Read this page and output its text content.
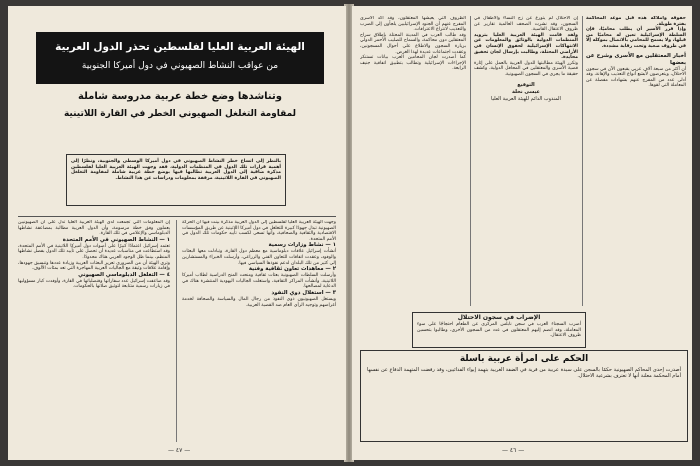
الهيئة العربية العليا لفلسطين تحذر الدول العربية
من عواقب النشاط الصهيوني في دول أميركا الجنوبية
وتناشدها وضع خطة عربية مدروسة شاملة
لمقاومة التغلغل الصهيوني الخطر في القارة اللاتينية
بالنظر إلى اتساع خطر النشاط الصهيوني في دول أميركا الوسطى والجنوبية، ونظرًا إلى أهمية قرارات تلك الدول في المنظمات الدولية، فقد وجهت الهيئة العربية العليا لفلسطين مذكرة ضافية إلى الدول العربية تطالبها فيها بوضع خطة عربية شاملة لمقاومة التغلغل الصهيوني في القارة اللاتينية، مرفقة بمعلومات ودراسات عن هذا النشاط.
وجهت الهيئة العربية العليا لفلسطين إلى الدول العربية مذكرة بينت فيها أن الحركة الصهيونية تبذل جهودًا كبيرة للتغلغل في دول أميركا اللاتينية عن طريق المؤسسات الاقتصادية والثقافية والصحافية، وأنها تسعى لكسب تأييد حكومات تلك الدول في الأمم المتحدة.
١ — نشاط وزارات رسمية
أنشأت إسرائيل علاقات دبلوماسية مع معظم دول القارة، وتبادلت معها البعثات والوفود، وعقدت اتفاقات للتعاون الفني والزراعي، وأرسلت الخبراء والمستشارين إلى كثير من تلك البلدان لدعم نفوذها السياسي فيها.
٢ — معاهدات تعاون ثقافية وفنية
وأرسلت السلطات الصهيونية بعثات ثقافية ومنحت المنح الدراسية لطلاب أميركا اللاتينية، وأنشأت المراكز الثقافية، واستغلت الجاليات اليهودية المنتشرة هناك في الدعاية لمصالحها.
٣ — استغلال ذوي النفوذ
ويستغل الصهيونيون ذوي النفوذ من رجال المال والسياسة والصحافة لخدمة أغراضهم وتوجيه الرأي العام ضد القضية العربية.
إن المعلومات التي تجمعت لدى الهيئة العربية العليا تدل على أن الصهيونيين يعملون وفق خطة مرسومة، وأن الدول العربية مطالبة بمضاعفة نشاطها الدبلوماسي والإعلامي في تلك القارة.
١ — النشاط الصهيوني في الأمم المتحدة
تعتمد إسرائيل اعتمادًا كبيرًا على أصوات دول أميركا اللاتينية في الأمم المتحدة، وقد استطاعت في مناسبات عديدة أن تحصل على تأييد تلك الدول بفضل نشاطها المنظم، بينما ظل الوجود العربي هناك محدودًا.
وترى الهيئة أن من الضروري تعزيز البعثات العربية وزيادة عددها وتنسيق جهودها، وإقامة علاقات وثيقة مع الجاليات العربية المهاجرة التي تعد بمئات الألوف.
٤ — التغلغل الدبلوماسي الصهيوني
وقد ضاعفت إسرائيل عدد سفاراتها وقنصلياتها في القارة، وأوفدت كبار مسؤوليها في زيارات رسمية متتابعة لتوثيق صلاتها بالحكومات.
— ٤٧ —
حفوقه وأملاكه هذه قبل موعد المحاكمة بفترة طويلة.
وإذا قرر الأسير أن يطلب محاميًا، فإن السلطة الإسرائيلية تعين له محاميًا من قبلها، ولا يسمح للمحامي بالاتصال بموكله إلا في ظروف صعبة وتحت رقابة مشددة.
أخبار المعتقلين مع الأسرى وشرح عن بعضها
أن أكثر من سبعة آلاف عربي يقبعون الآن في سجون الاحتلال، ويتعرضون لأبشع أنواع التعذيب والإهانة، وقد أدلى عدد من المفرج عنهم بشهادات مفصلة عن المعاملة التي لقوها.
إن الاحتلال لم يتورع عن زج النساء والأطفال في السجون، وقد نشرت الصحف العالمية تقارير عن ظروف الاعتقال القاسية.
ولقد قامت الهيئة العربية العليا بتزويد المنظمات الدولية بالوثائق والمعلومات عن الانتهاكات الإسرائيلية لحقوق الإنسان في الأراضي المحتلة، وطالبت بإرسال لجان تحقيق محايدة.
وتكرر الهيئة مطالبتها للدول العربية بالعمل على إثارة قضية الأسرى والمعتقلين في المحافل الدولية، وكشف حقيقة ما يجري في السجون الصهيونية.
التوقيع
عيسى نخلة
المندوب الدائم للهيئة العربية العليا
الظروف التي يعيشها المعتقلون، وقد أكد الأسرى المفرج عنهم أن الجنود الإسرائيليين يلجأون إلى الضرب والتعذيب لانتزاع الاعترافات.
وقد طالب العرب في المدينة المحتلة بإطلاق سراح المعتقلين دون محاكمة، والسماح للصليب الأحمر الدولي بزيارة السجون والاطلاع على أحوال المسجونين، وعقدت اجتماعات عديدة لهذا الغرض.
كما أصدرت لجان المحامين العرب بيانات تستنكر الإجراءات الإسرائيلية وتطالب بتطبيق اتفاقية جنيف الرابعة.
الإضراب في سجون الاحتلال
أضرب السجناء العرب في سجن نابلس المركزي عن الطعام احتجاجًا على سوء المعاملة، وقد انضم إليهم المعتقلون في عدد من السجون الأخرى، وطالبوا بتحسين ظروف الاعتقال.
الحكم على امرأة عربية باسلة
أصدرت إحدى المحاكم الصهيونية حكمًا بالسجن على سيدة عربية من قرية في الضفة الغربية بتهمة إيواء الفدائيين، وقد رفضت المتهمة الدفاع عن نفسها أمام المحكمة معلنة أنها لا تعترف بشرعية الاحتلال.
— ٤٦ —
